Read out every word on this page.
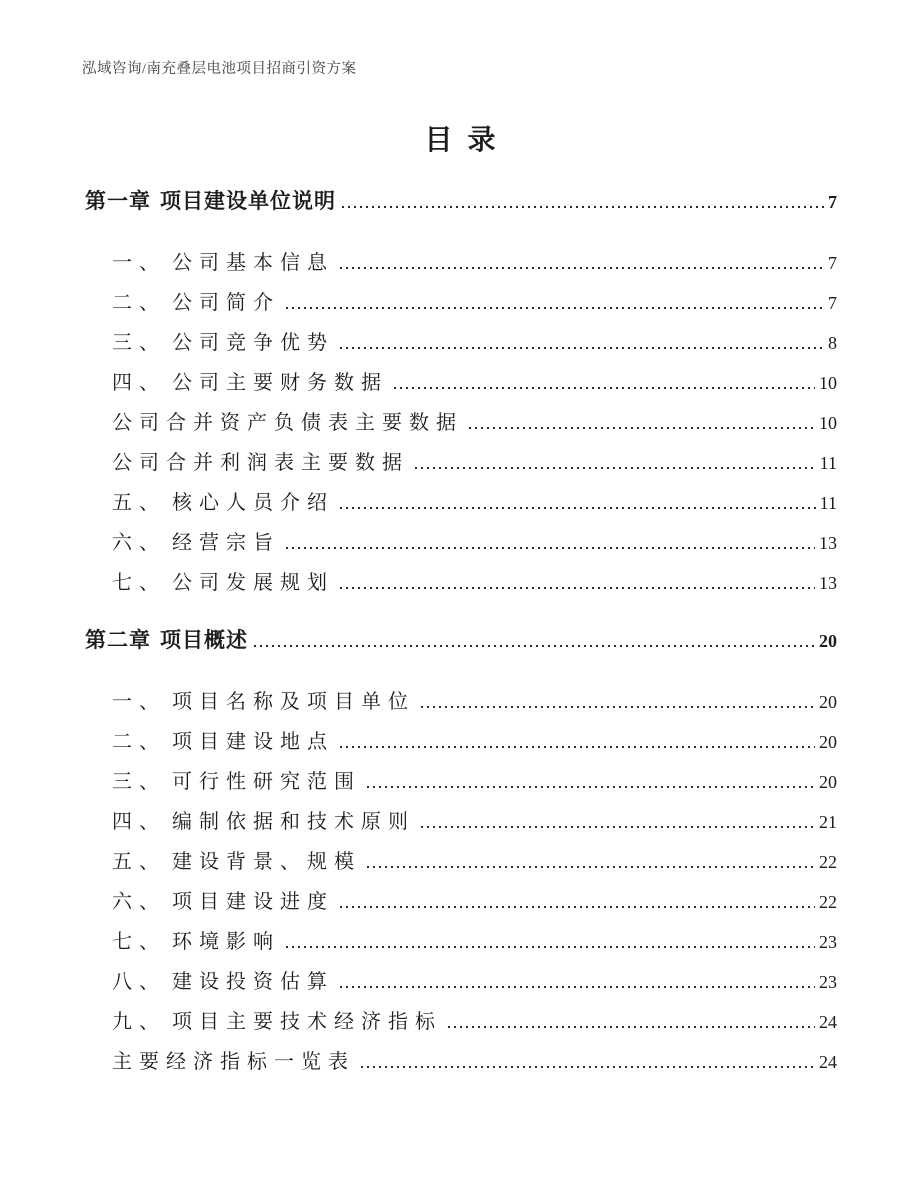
泓域咨询/南充叠层电池项目招商引资方案
目录
第一章 项目建设单位说明	7
一、 公司基本信息	7
二、 公司简介	7
三、 公司竞争优势	8
四、 公司主要财务数据	10
公司合并资产负债表主要数据	10
公司合并利润表主要数据	11
五、 核心人员介绍	11
六、 经营宗旨	13
七、 公司发展规划	13
第二章 项目概述	20
一、 项目名称及项目单位	20
二、 项目建设地点	20
三、 可行性研究范围	20
四、 编制依据和技术原则	21
五、 建设背景、规模	22
六、 项目建设进度	22
七、 环境影响	23
八、 建设投资估算	23
九、 项目主要技术经济指标	24
主要经济指标一览表	24
